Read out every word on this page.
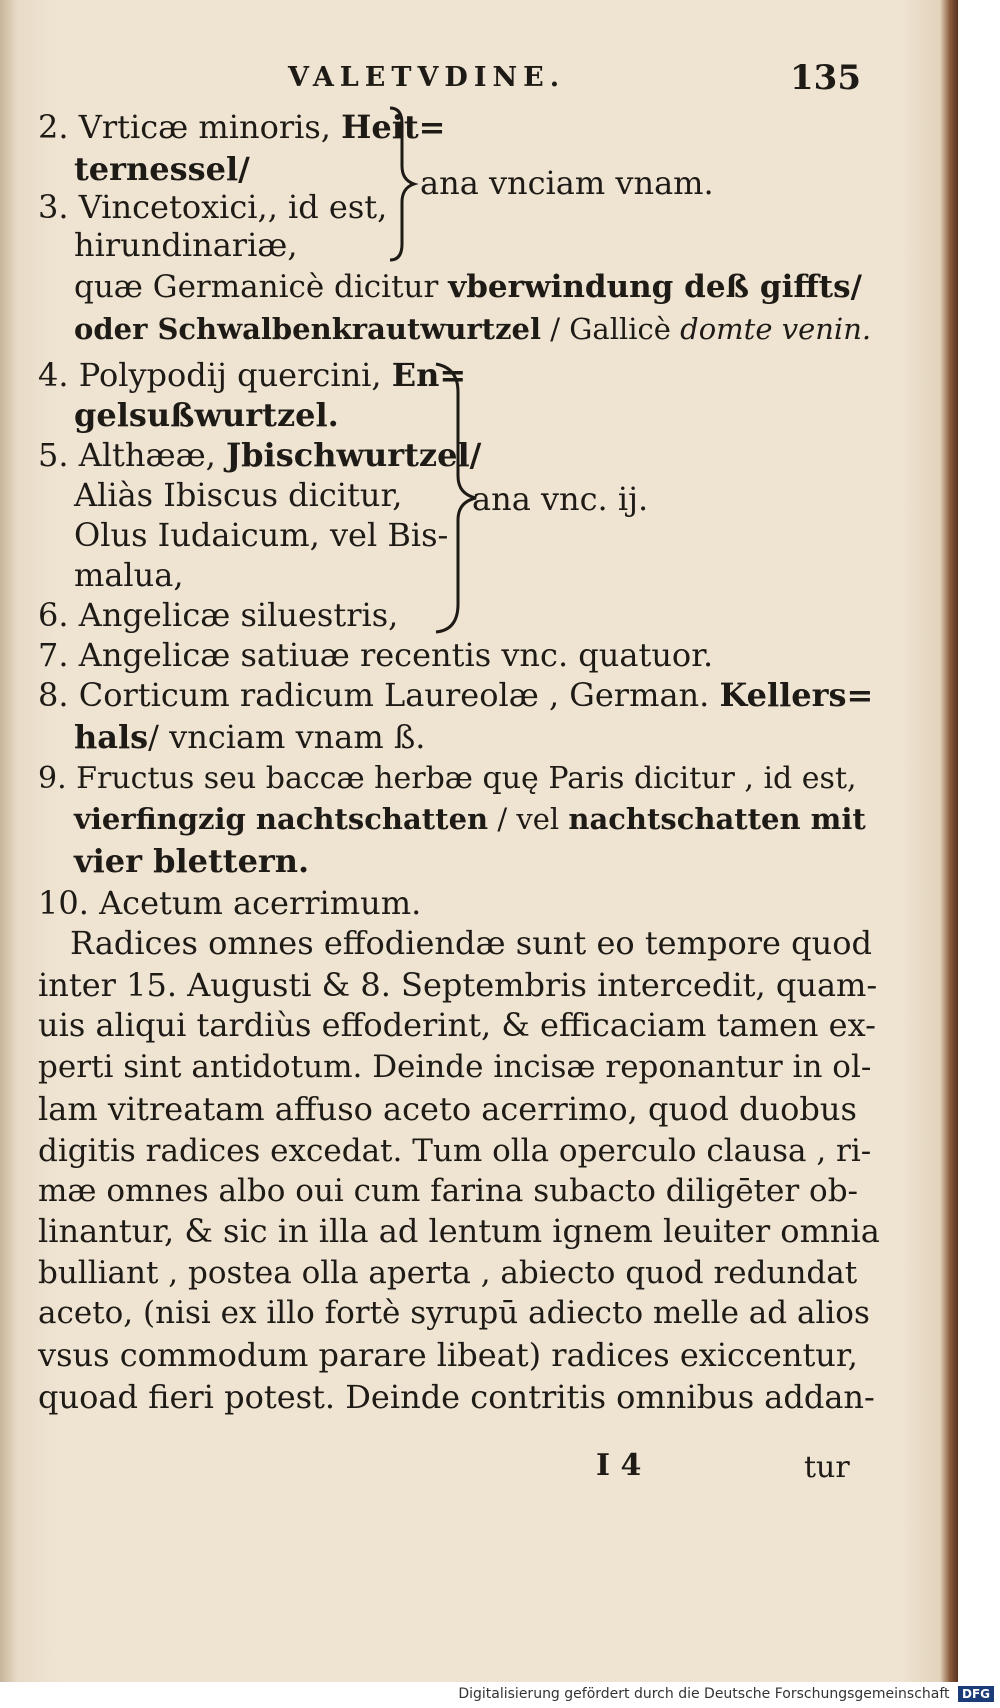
VALETVDINE.	135
2. Vrticæ minoris, Heit=
ternessel/
3. Vincetoxici,, id est,
hirundinariæ,
quæ Germanicè dicitur vberwindung deß giffts/
oder Schwalbenkrautwurtzel / Gallicè domte venin.
4. Polypodij quercini, En=
gelsußwurtzel.
5. Althææ, Jbischwurtzel/
Aliàs Ibiscus dicitur,
Olus Iudaicum, vel Bis-
malua,
6. Angelicæ siluestris,
7. Angelicæ satiuæ recentis vnc. quatuor.
8. Corticum radicum Laureolæ , German. Kellers=
hals/ vnciam vnam ß.
9. Fructus seu baccæ herbæ quę Paris dicitur , id est,
vierfingzig nachtschatten / vel nachtschatten mit
vier blettern.
10. Acetum acerrimum.
Radices omnes effodiendæ sunt eo tempore quod
inter 15. Augusti & 8. Septembris intercedit, quam-
uis aliqui tardiùs effoderint, & efficaciam tamen ex-
perti sint antidotum. Deinde incisæ reponantur in ol-
lam vitreatam affuso aceto acerrimo, quod duobus
digitis radices excedat. Tum olla operculo clausa , ri-
mæ omnes albo oui cum farina subacto diligēter ob-
linantur, & sic in illa ad lentum ignem leuiter omnia
bulliant , postea olla aperta , abiecto quod redundat
aceto, (nisi ex illo fortè syrupū adiecto melle ad alios
vsus commodum parare libeat) radices exiccentur,
quoad fieri potest. Deinde contritis omnibus addan-
ana vnciam vnam.
ana vnc. ij.
I 4	tur
Digitalisierung gefördert durch die Deutsche Forschungsgemeinschaft DFG
